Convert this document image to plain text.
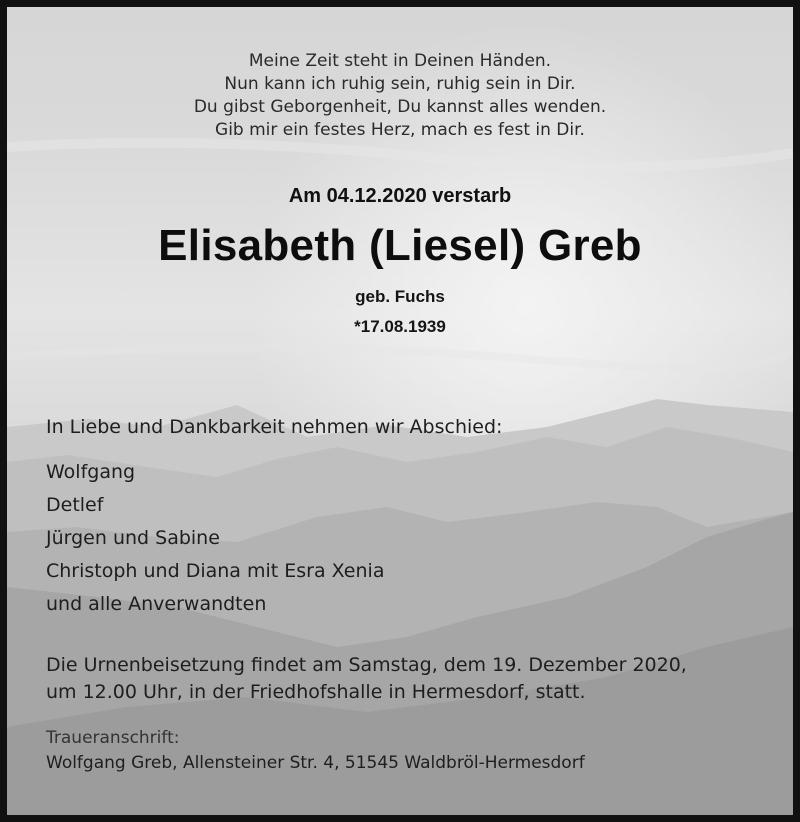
Meine Zeit steht in Deinen Händen.
Nun kann ich ruhig sein, ruhig sein in Dir.
Du gibst Geborgenheit, Du kannst alles wenden.
Gib mir ein festes Herz, mach es fest in Dir.
Am 04.12.2020 verstarb
Elisabeth (Liesel) Greb
geb. Fuchs
*17.08.1939
In Liebe und Dankbarkeit nehmen wir Abschied:
Wolfgang
Detlef
Jürgen und Sabine
Christoph und Diana mit Esra Xenia
und alle Anverwandten
Die Urnenbeisetzung findet am Samstag, dem 19. Dezember 2020,
um 12.00 Uhr, in der Friedhofshalle in Hermesdorf, statt.
Traueranschrift:
Wolfgang Greb, Allensteiner Str. 4, 51545 Waldbröl-Hermesdorf
